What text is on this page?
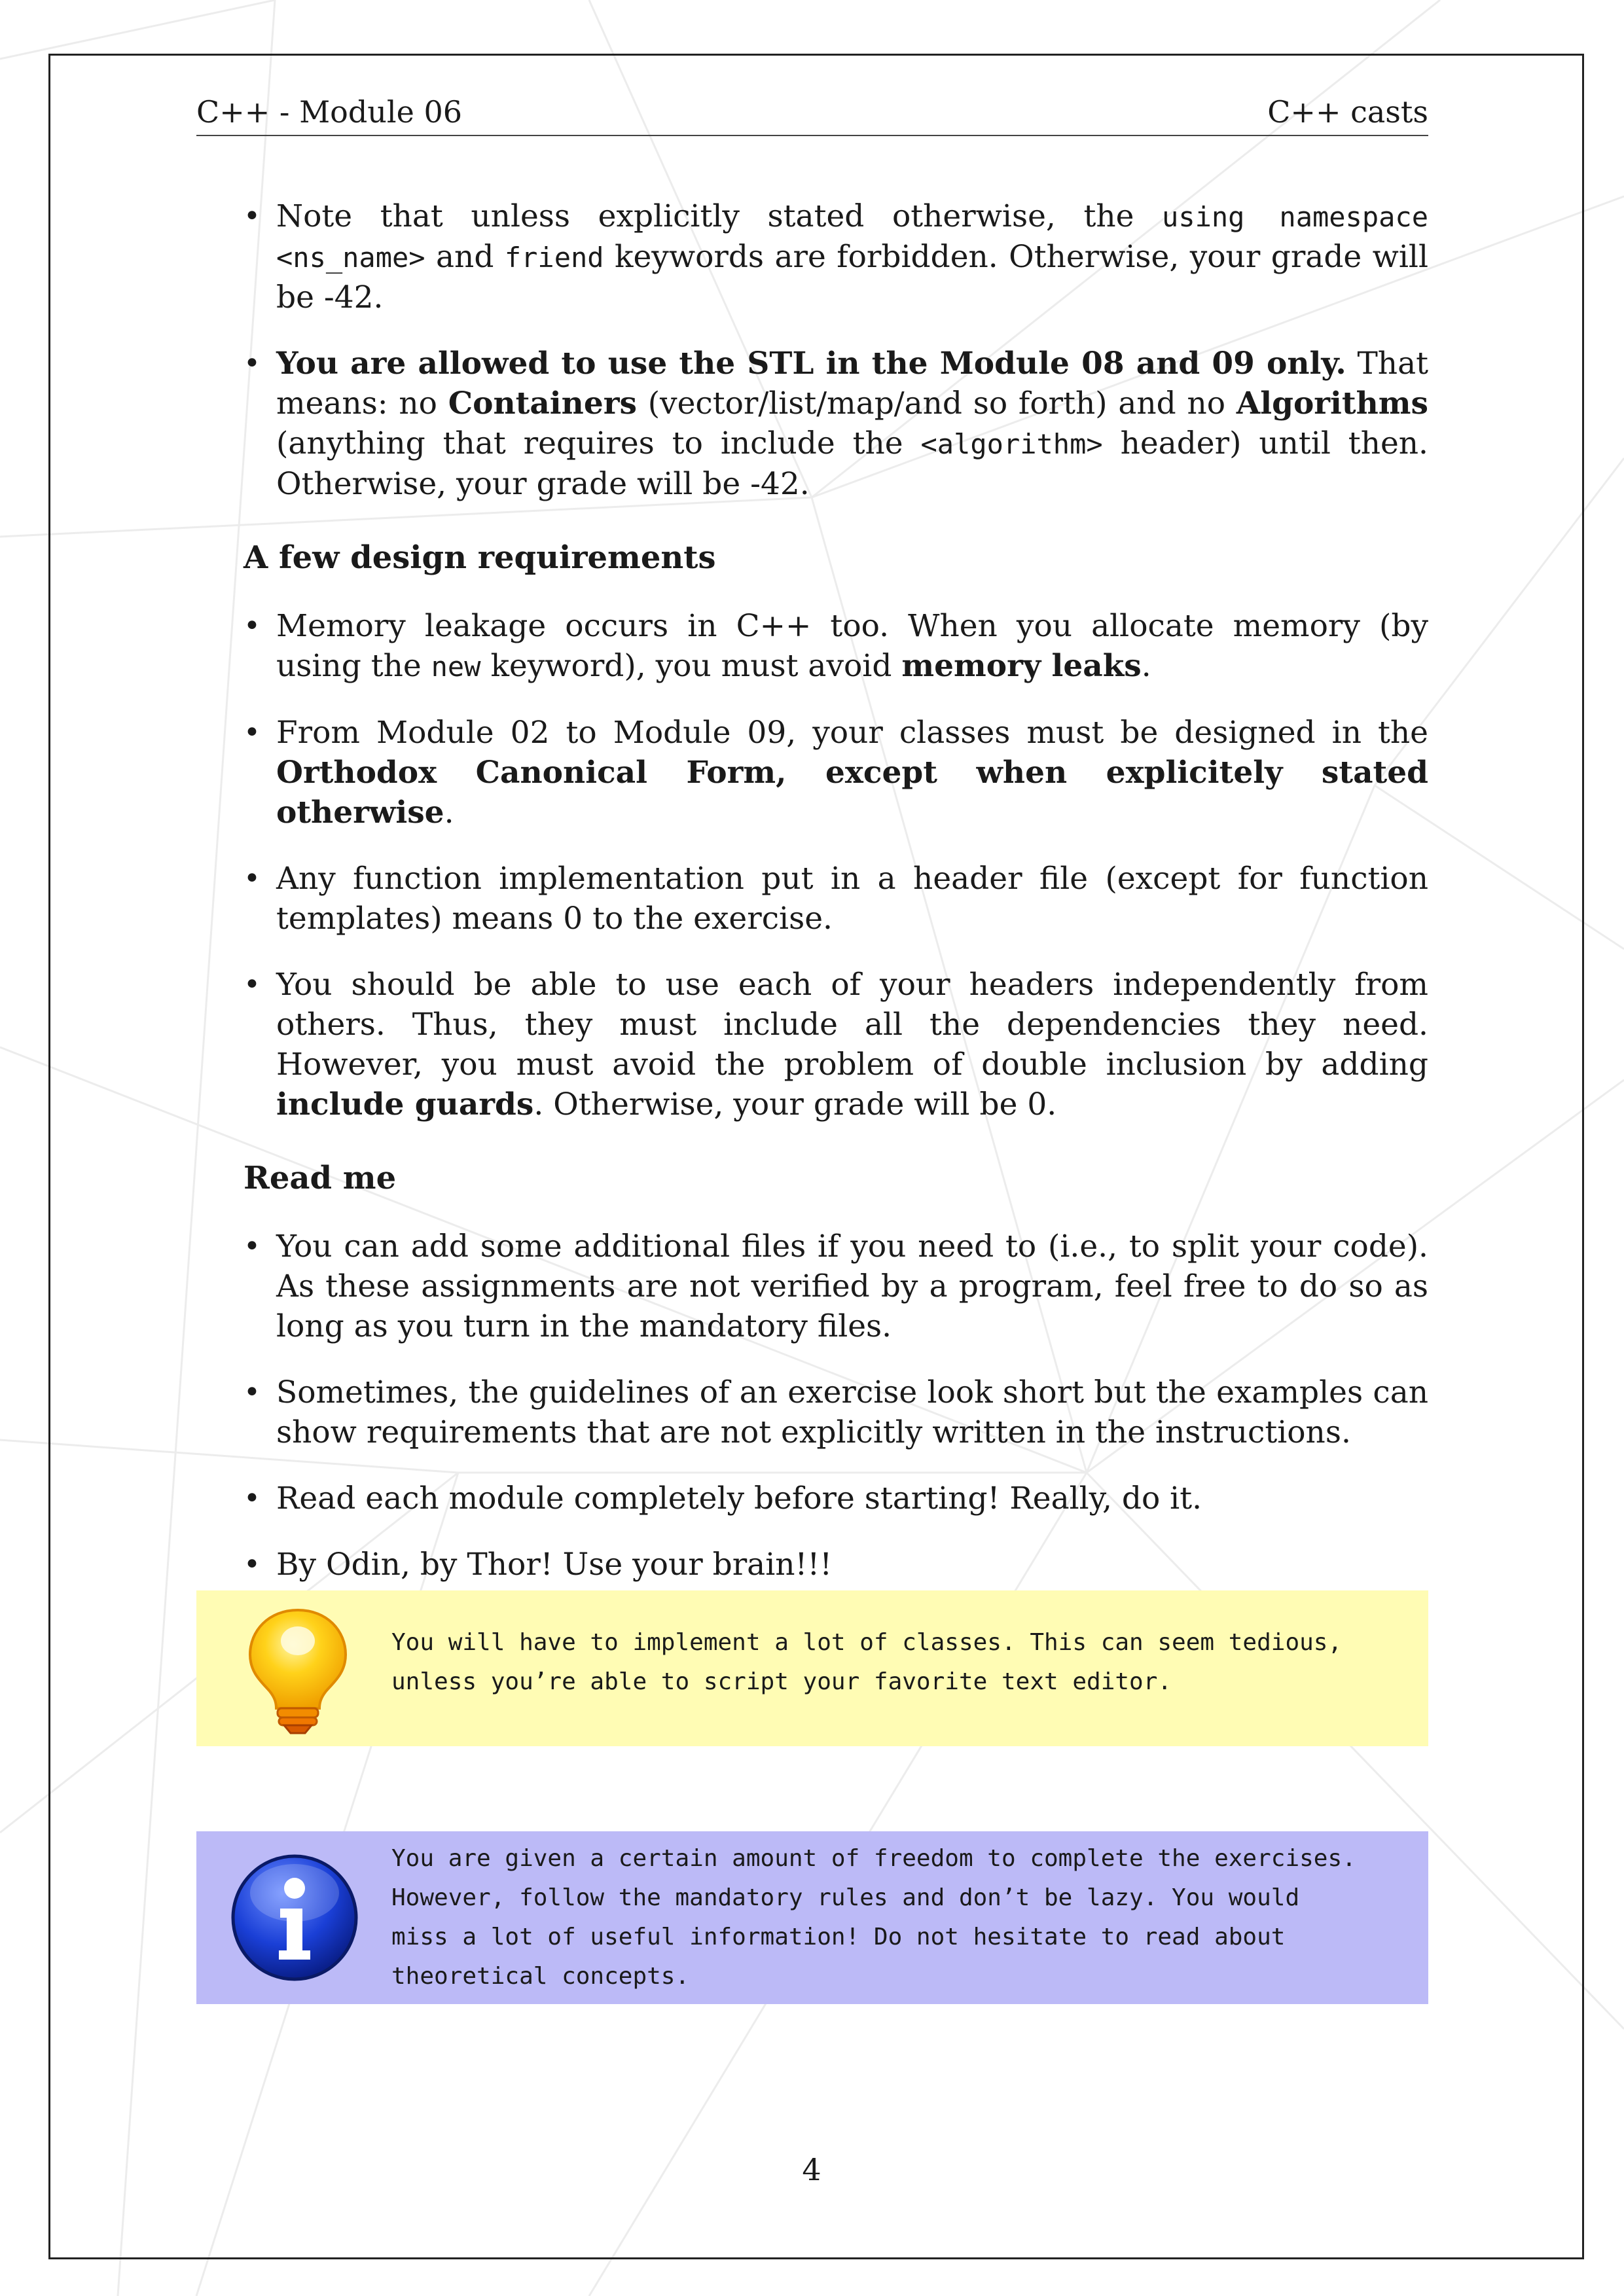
C++ - Module 06	C++ casts
• Note that unless explicitly stated otherwise, the using namespace <ns_name> and friend keywords are forbidden. Otherwise, your grade will be -42.
• You are allowed to use the STL in the Module 08 and 09 only. That means: no Containers (vector/list/map/and so forth) and no Algorithms (anything that requires to include the <algorithm> header) until then. Otherwise, your grade will be -42.
A few design requirements
• Memory leakage occurs in C++ too. When you allocate memory (by using the new keyword), you must avoid memory leaks.
• From Module 02 to Module 09, your classes must be designed in the Orthodox Canonical Form, except when explicitely stated otherwise.
• Any function implementation put in a header file (except for function templates) means 0 to the exercise.
• You should be able to use each of your headers independently from others. Thus, they must include all the dependencies they need. However, you must avoid the problem of double inclusion by adding include guards. Otherwise, your grade will be 0.
Read me
• You can add some additional files if you need to (i.e., to split your code). As these assignments are not verified by a program, feel free to do so as long as you turn in the mandatory files.
• Sometimes, the guidelines of an exercise look short but the examples can show requirements that are not explicitly written in the instructions.
• Read each module completely before starting! Really, do it.
• By Odin, by Thor! Use your brain!!!
You will have to implement a lot of classes. This can seem tedious,
unless you’re able to script your favorite text editor.
You are given a certain amount of freedom to complete the exercises.
However, follow the mandatory rules and don’t be lazy. You would
miss a lot of useful information! Do not hesitate to read about
theoretical concepts.
4
